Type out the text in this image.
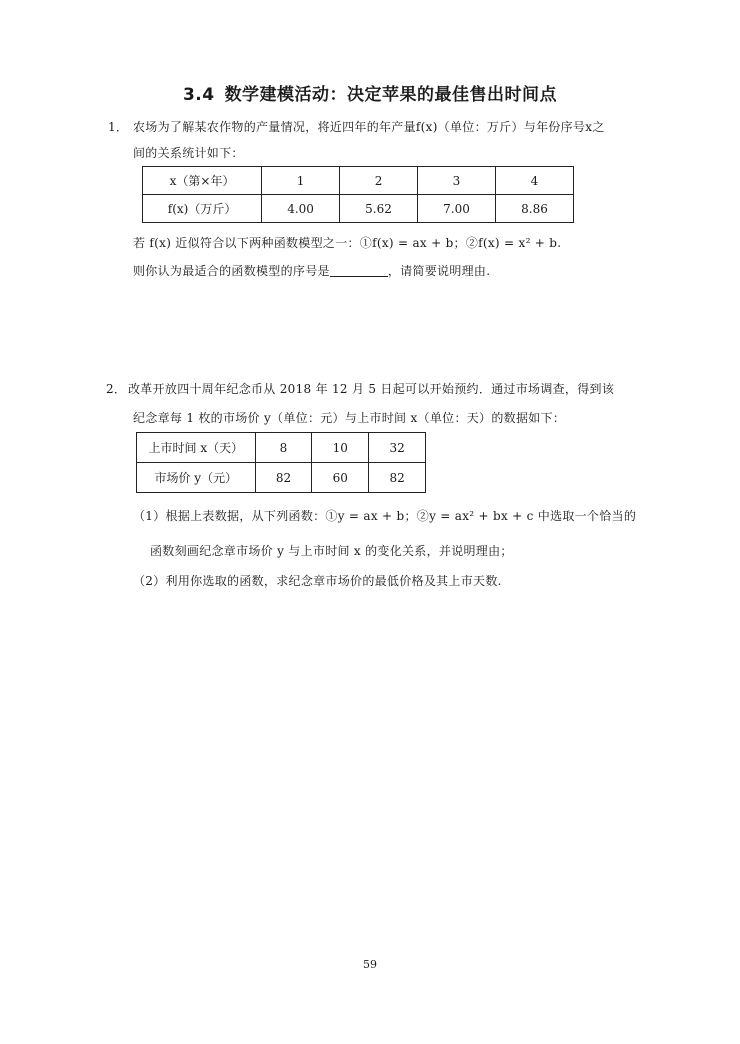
3.4 数学建模活动：决定苹果的最佳售出时间点
1． 农场为了解某农作物的产量情况，将近四年的年产量f(x)（单位：万斤）与年份序号x之
间的关系统计如下：
x（第×年）	1	2	3	4
f(x)（万斤）	4.00	5.62	7.00	8.86
若 f(x) 近似符合以下两种函数模型之一：①f(x) = ax + b；②f(x) = x² + b.
则你认为最适合的函数模型的序号是	，请简要说明理由.
2． 改革开放四十周年纪念币从 2018 年 12 月 5 日起可以开始预约．通过市场调查，得到该
纪念章每 1 枚的市场价 y（单位：元）与上市时间 x（单位：天）的数据如下：
上市时间 x（天）	8	10	32
市场价 y（元）	82	60	82
（1）根据上表数据，从下列函数：①y = ax + b；②y = ax² + bx + c 中选取一个恰当的
函数刻画纪念章市场价 y 与上市时间 x 的变化关系，并说明理由；
（2）利用你选取的函数，求纪念章市场价的最低价格及其上市天数.
59
